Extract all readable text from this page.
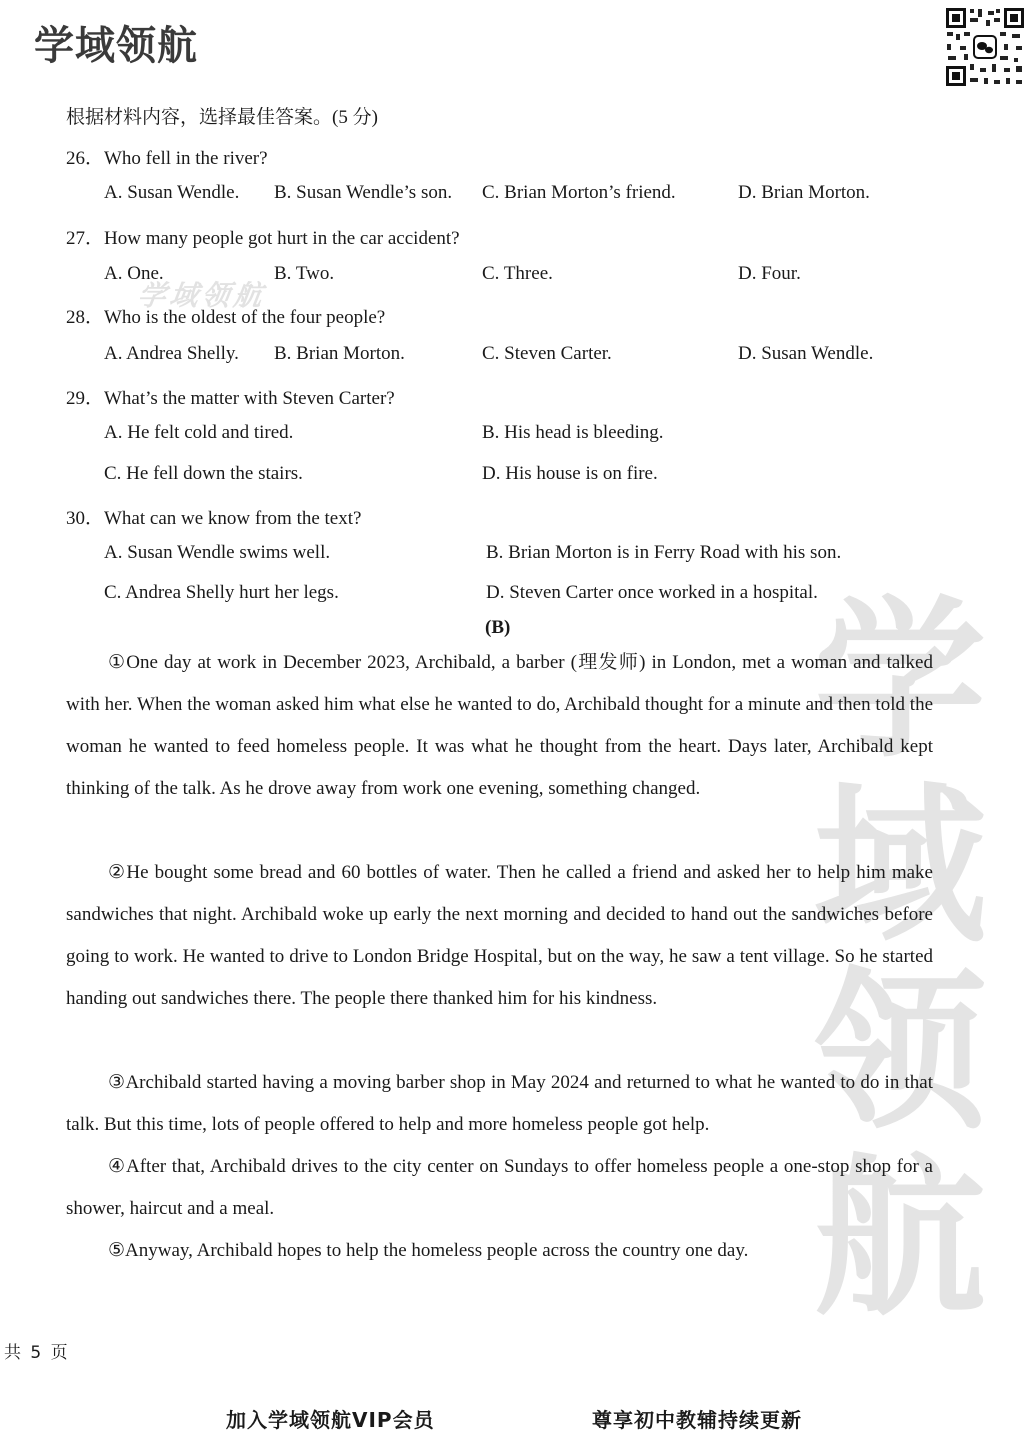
学域领航
学域领航
学
域
领
航
根据材料内容，选择最佳答案。(5 分)
26．Who fell in the river?
A. Susan Wendle. B. Susan Wendle’s son. C. Brian Morton’s friend.	D. Brian Morton.
27．How many people got hurt in the car accident?
A. One.	B. Two.	C. Three.	D. Four.
28．Who is the oldest of the four people?
A. Andrea Shelly. B. Brian Morton.	C. Steven Carter.	D. Susan Wendle.
29．What’s the matter with Steven Carter?
A. He felt cold and tired.	B. His head is bleeding.
C. He fell down the stairs.	D. His house is on fire.
30．What can we know from the text?
A. Susan Wendle swims well.	B. Brian Morton is in Ferry Road with his son.
C. Andrea Shelly hurt her legs.	D. Steven Carter once worked in a hospital.
(B)
①One day at work in December 2023, Archibald, a barber (理发师) in London, met a woman and talked with her. When the woman asked him what else he wanted to do, Archibald thought for a minute and then told the woman he wanted to feed homeless people. It was what he thought from the heart. Days later, Archibald kept thinking of the talk. As he drove away from work one evening, something changed.
②He bought some bread and 60 bottles of water. Then he called a friend and asked her to help him make sandwiches that night. Archibald woke up early the next morning and decided to hand out the sandwiches before going to work. He wanted to drive to London Bridge Hospital, but on the way, he saw a tent village. So he started handing out sandwiches there. The people there thanked him for his kindness.
③Archibald started having a moving barber shop in May 2024 and returned to what he wanted to do in that talk. But this time, lots of people offered to help and more homeless people got help.
④After that, Archibald drives to the city center on Sundays to offer homeless people a one-stop shop for a shower, haircut and a meal.
⑤Anyway, Archibald hopes to help the homeless people across the country one day.
共 5 页
加入学域领航VIP会员	尊享初中教辅持续更新
